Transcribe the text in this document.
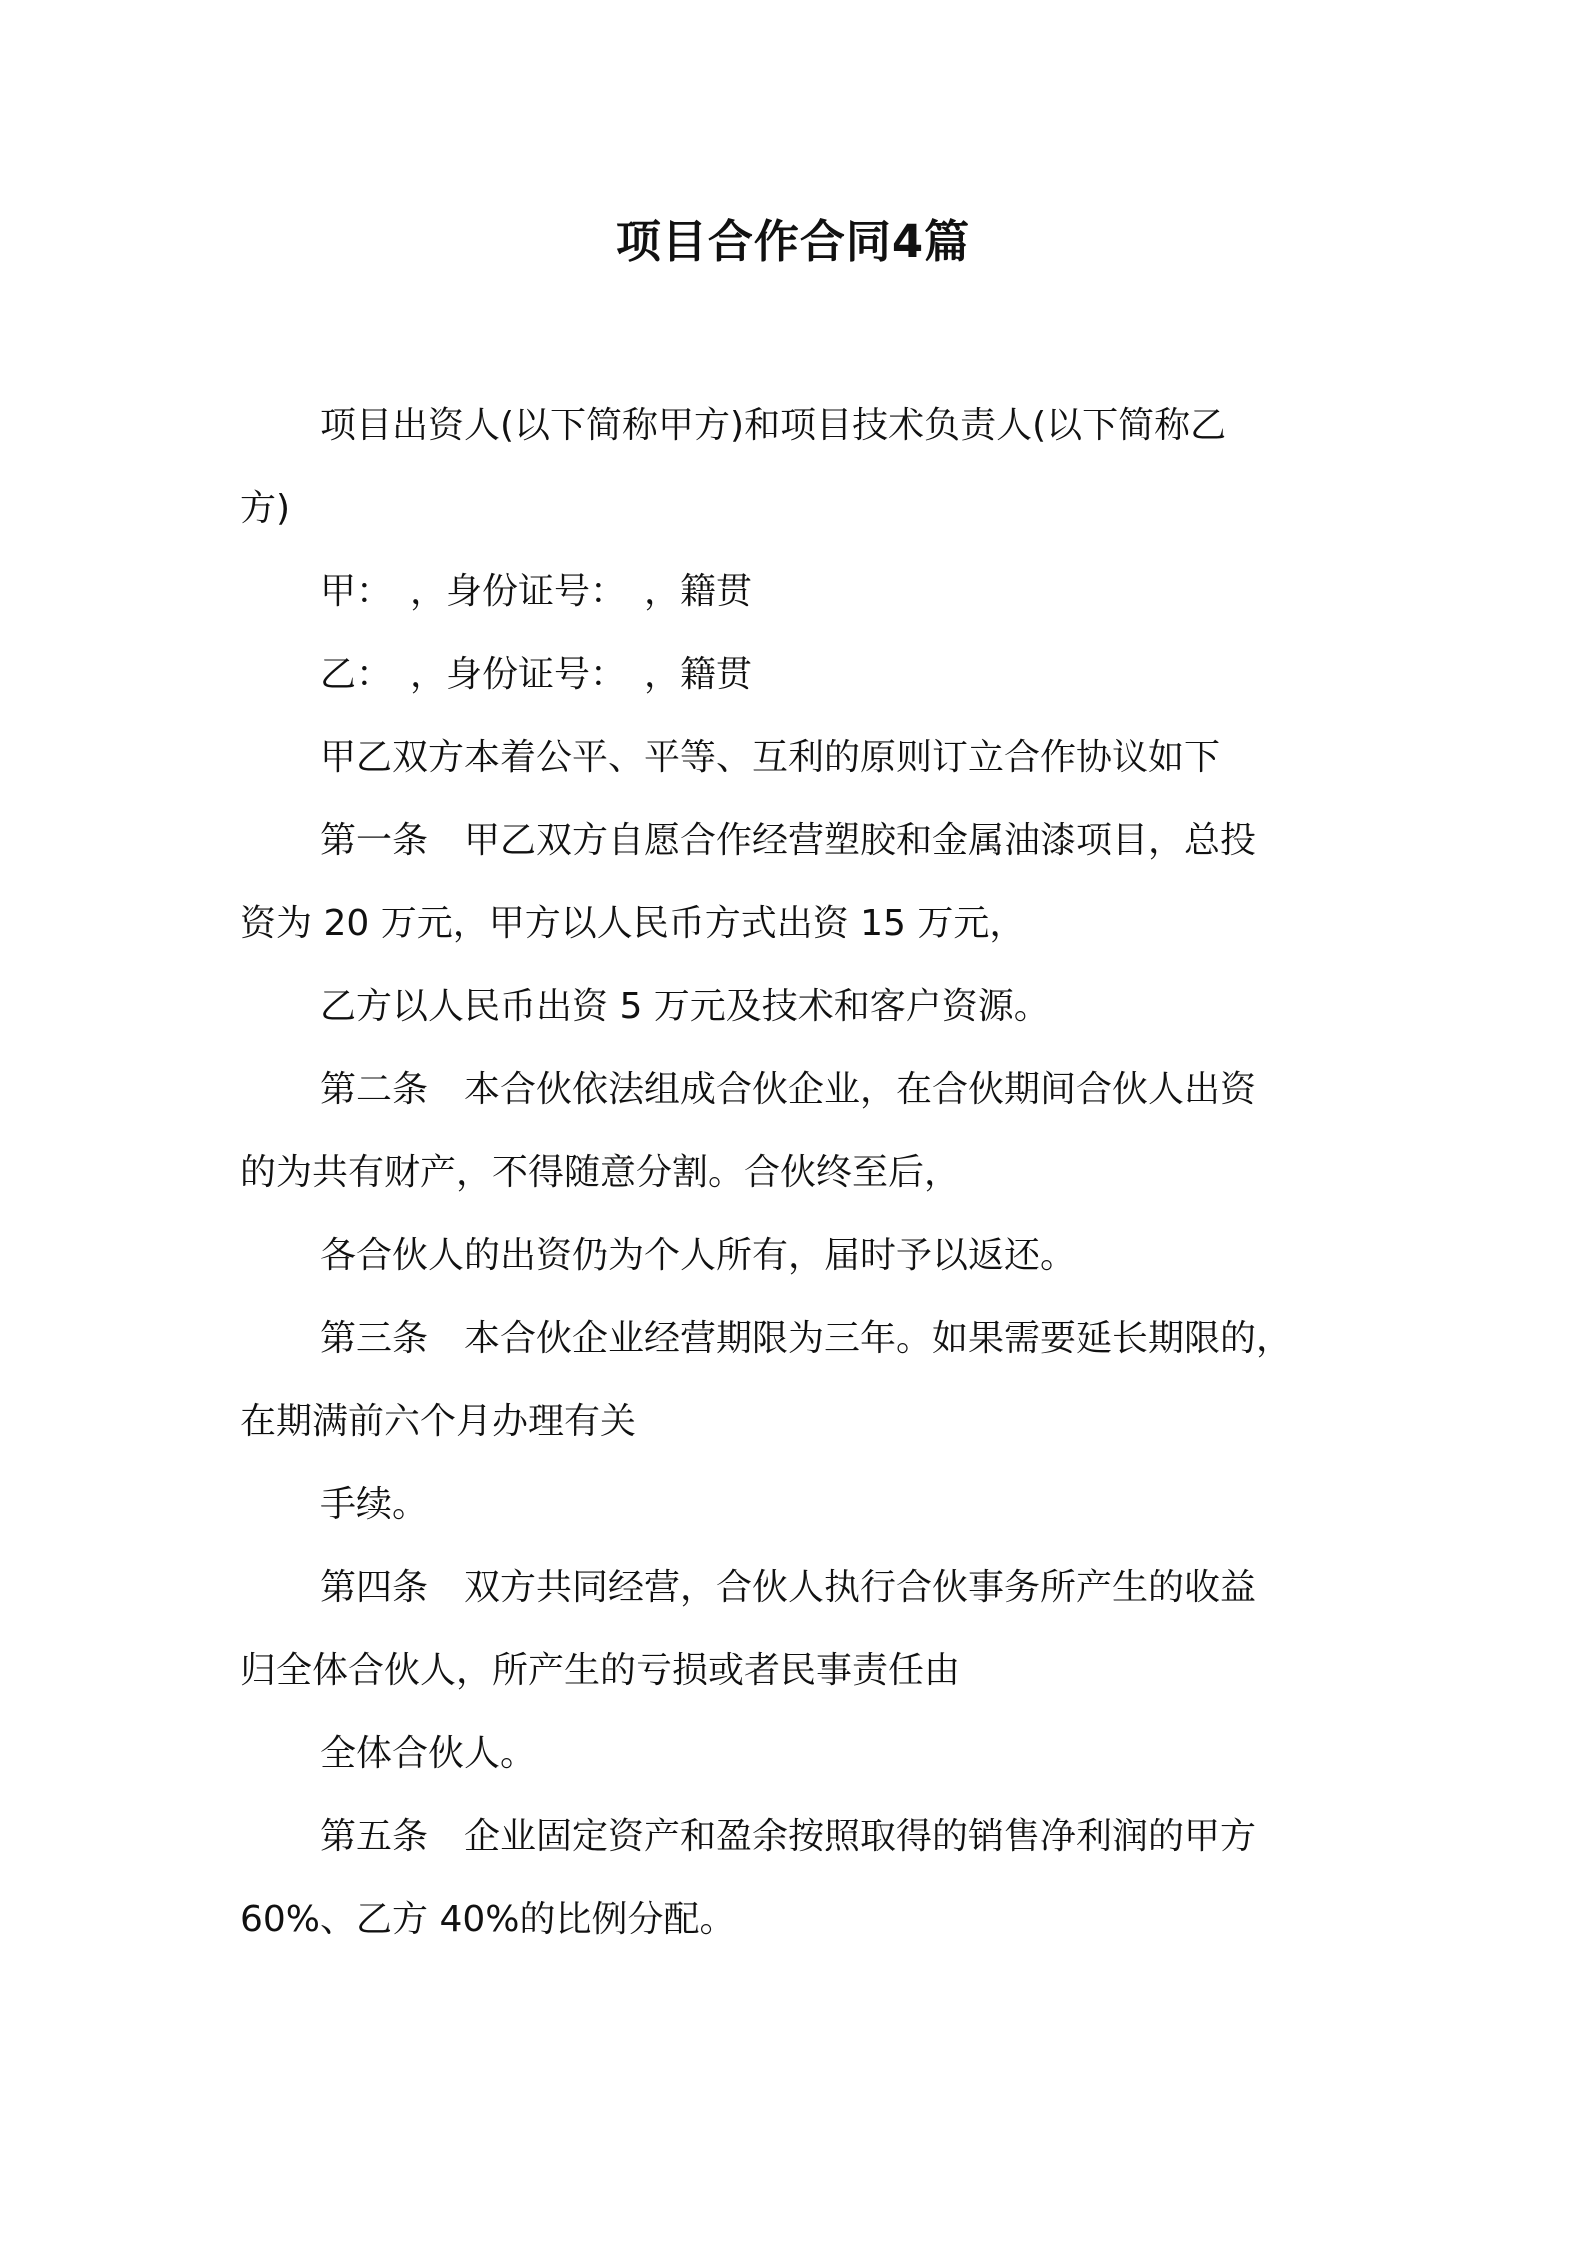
项目合作合同4篇
项目出资人(以下简称甲方)和项目技术负责人(以下简称乙
方)
甲：　，身份证号：　，籍贯
乙：　，身份证号：　，籍贯
甲乙双方本着公平、平等、互利的原则订立合作协议如下
第一条　甲乙双方自愿合作经营塑胶和金属油漆项目，总投
资为 20 万元，甲方以人民币方式出资 15 万元，
乙方以人民币出资 5 万元及技术和客户资源。
第二条　本合伙依法组成合伙企业，在合伙期间合伙人出资
的为共有财产，不得随意分割。合伙终至后，
各合伙人的出资仍为个人所有，届时予以返还。
第三条　本合伙企业经营期限为三年。如果需要延长期限的，
在期满前六个月办理有关
手续。
第四条　双方共同经营，合伙人执行合伙事务所产生的收益
归全体合伙人，所产生的亏损或者民事责任由
全体合伙人。
第五条　企业固定资产和盈余按照取得的销售净利润的甲方
60%、乙方 40%的比例分配。
